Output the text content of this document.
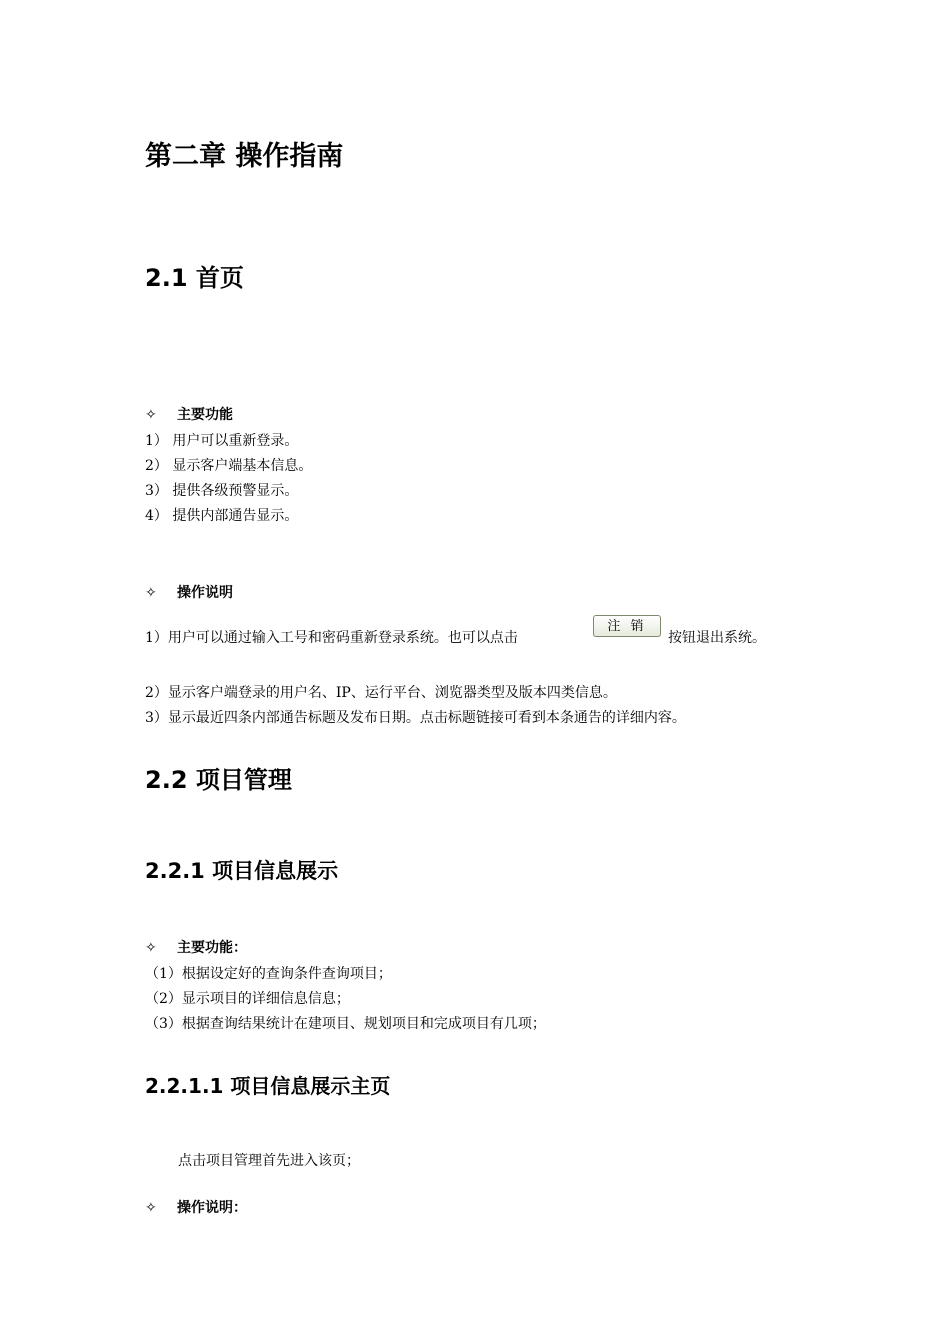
第二章 操作指南
2.1 首页
✧ 主要功能
1） 用户可以重新登录。
2） 显示客户端基本信息。
3） 提供各级预警显示。
4） 提供内部通告显示。
✧ 操作说明
1）用户可以通过输入工号和密码重新登录系统。也可以点击
注 销
按钮退出系统。
2）显示客户端登录的用户名、IP、运行平台、浏览器类型及版本四类信息。
3）显示最近四条内部通告标题及发布日期。点击标题链接可看到本条通告的详细内容。
2.2 项目管理
2.2.1 项目信息展示
✧ 主要功能：
（1）根据设定好的查询条件查询项目；
（2）显示项目的详细信息信息；
（3）根据查询结果统计在建项目、规划项目和完成项目有几项；
2.2.1.1 项目信息展示主页
点击项目管理首先进入该页；
✧ 操作说明：
